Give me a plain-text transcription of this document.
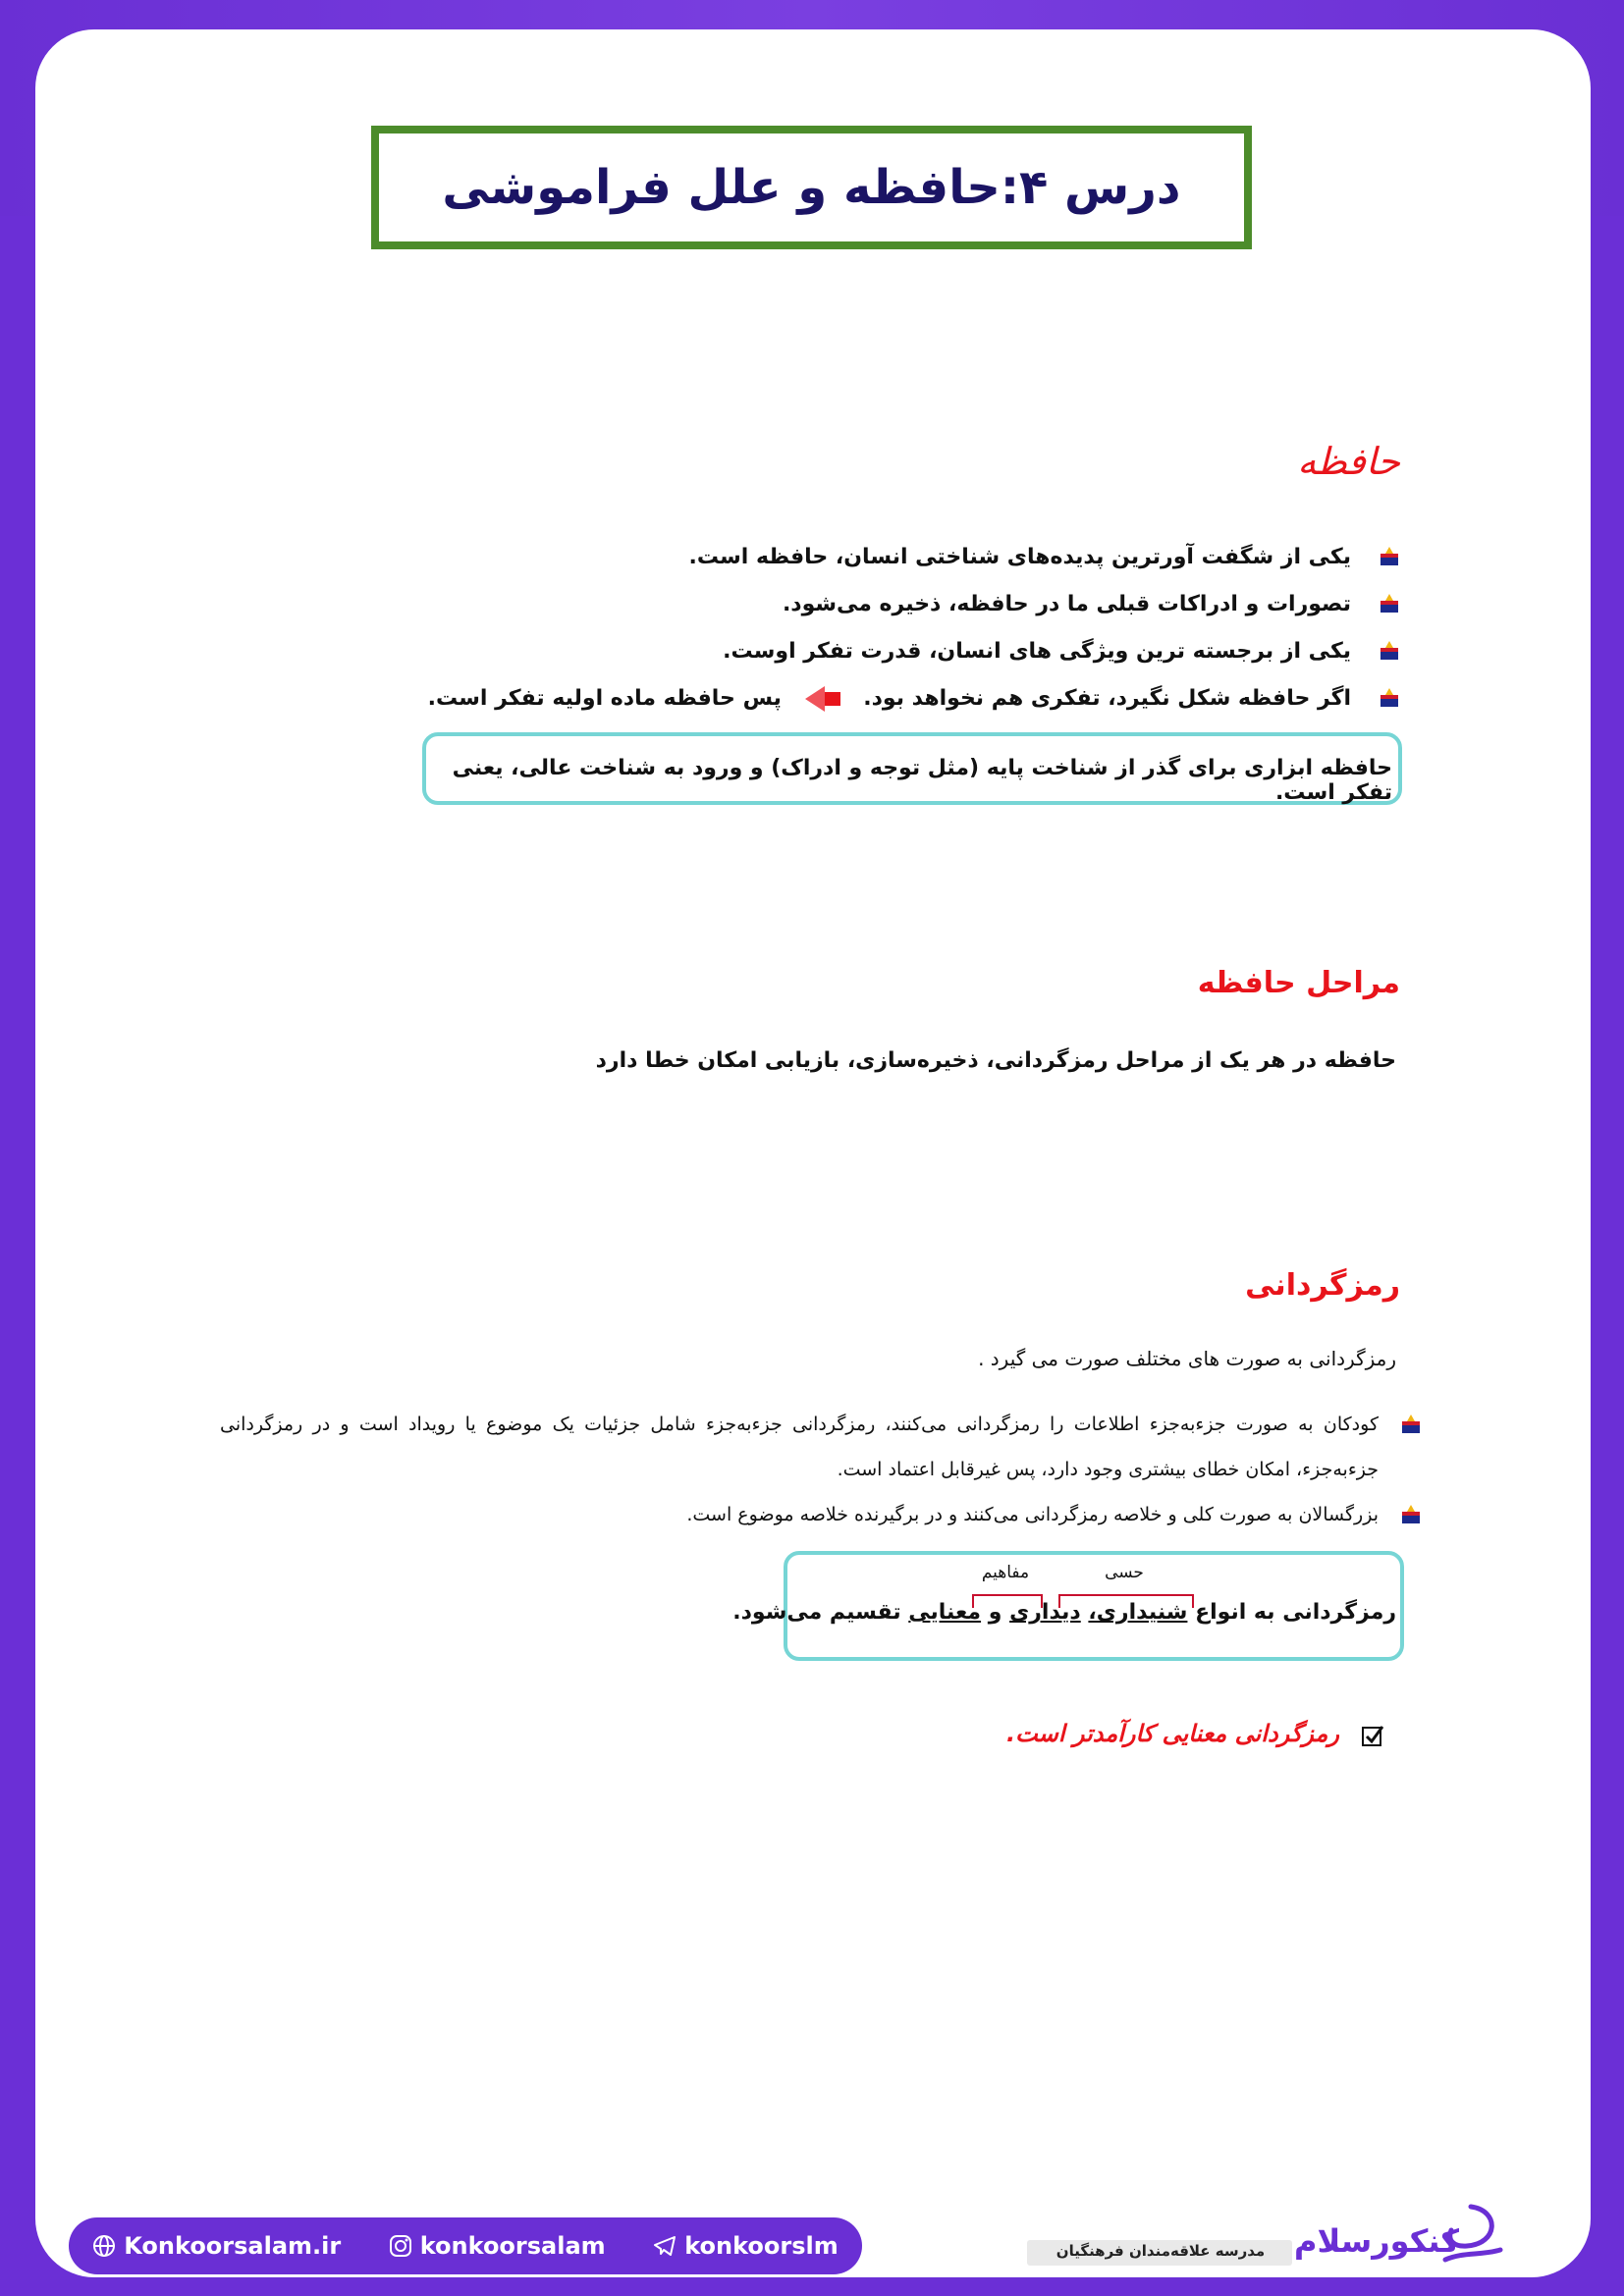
درس ۴:حافظه و علل فراموشی
حافظه
یکی از شگفت آورترین پدیده‌های شناختی انسان، حافظه است.
تصورات و ادراکات قبلی ما در حافظه، ذخیره می‌شود.
یکی از برجسته ترین ویژگی های انسان، قدرت تفکر اوست.
اگر حافظه شکل نگیرد، تفکری هم نخواهد بود.  پس حافظه ماده اولیه تفکر است.
حافظه ابزاری برای گذر از شناخت پایه (مثل توجه و ادراک) و ورود به شناخت عالی، یعنی تفکر است.
مراحل حافظه
حافظه در هر یک از مراحل رمزگردانی، ذخیره‌سازی، بازیابی امکان خطا دارد
رمزگردانی
رمزگردانی به صورت های مختلف صورت می گیرد .
کودکان به صورت جزء‌به‌جزء اطلاعات را رمزگردانی می‌کنند، رمزگردانی جزء‌به‌جزء شامل جزئیات یک موضوع یا رویداد است و در رمزگردانی جزء‌به‌جزء، امکان خطای بیشتری وجود دارد، پس غیرقابل اعتماد است.
بزرگسالان به صورت کلی و خلاصه رمزگردانی می‌کنند و در برگیرنده خلاصه موضوع است.
رمزگردانی به انواع شنیداری، دیداری و معنایی تقسیم می‌شود.
حسی
مفاهیم
رمزگردانی معنایی کارآمدتر است.
Konkoorsalam.ir	konkoorsalam	konkoorslm	مدرسه علاقه‌مندان فرهنگیان کنکورسلام
